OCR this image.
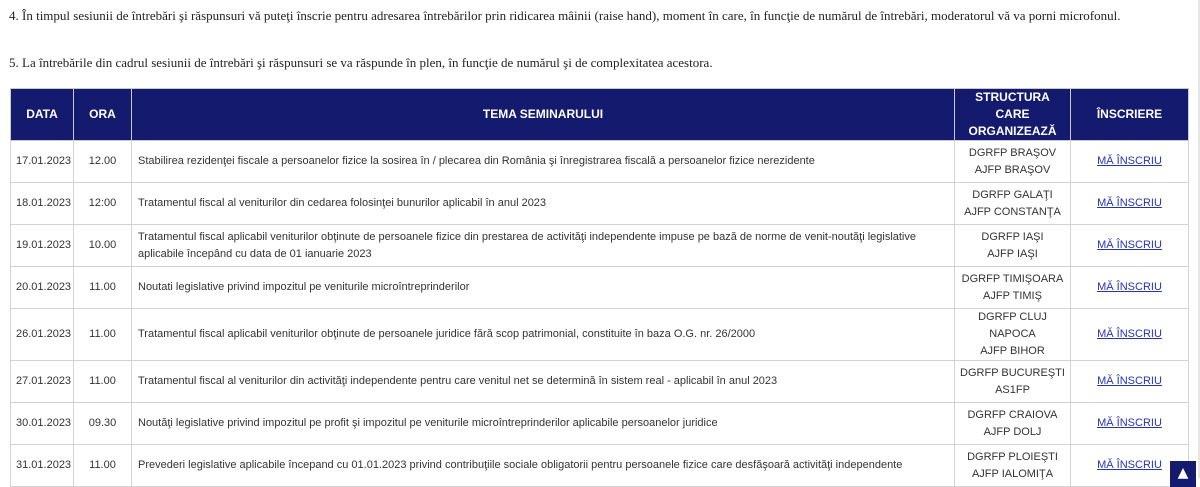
4. În timpul sesiunii de întrebări şi răspunsuri vă puteţi înscrie pentru adresarea întrebărilor prin ridicarea mâinii (raise hand), moment în care, în funcţie de numărul de întrebări, moderatorul vă va porni microfonul.

5. La întrebările din cadrul sesiunii de întrebări şi răspunsuri se va răspunde în plen, în funcţie de numărul şi de complexitatea acestora.

DATA	ORA	TEMA SEMINARULUI	STRUCTURA CARE ORGANIZEAZĂ	ÎNSCRIERE
17.01.2023	12.00	Stabilirea rezidenţei fiscale a persoanelor fizice la sosirea în / plecarea din România şi înregistrarea fiscală a persoanelor fizice nerezidente	DGRFP BRAŞOV
AJFP BRAŞOV	MĂ ÎNSCRIU
18.01.2023	12:00	Tratamentul fiscal al veniturilor din cedarea folosinţei bunurilor aplicabil în anul 2023	DGRFP GALAŢI
AJFP CONSTANŢA	MĂ ÎNSCRIU
19.01.2023	10.00	Tratamentul fiscal aplicabil veniturilor obţinute de persoanele fizice din prestarea de activităţi independente impuse pe bază de norme de venit-noutăţi legislative aplicabile începând cu data de 01 ianuarie 2023	DGRFP IAŞI
AJFP IAŞI	MĂ ÎNSCRIU
20.01.2023	11.00	Noutati legislative privind impozitul pe veniturile microîntreprinderilor	DGRFP TIMIŞOARA
AJFP TIMIŞ	MĂ ÎNSCRIU
26.01.2023	11.00	Tratamentul fiscal aplicabil veniturilor obţinute de persoanele juridice fără scop patrimonial, constituite în baza O.G. nr. 26/2000	DGRFP CLUJ
NAPOCA
AJFP BIHOR	MĂ ÎNSCRIU
27.01.2023	11.00	Tratamentul fiscal al veniturilor din activităţi independente pentru care venitul net se determină în sistem real - aplicabil în anul 2023	DGRFP BUCUREŞTI
AS1FP	MĂ ÎNSCRIU
30.01.2023	09.30	Noutăţi legislative privind impozitul pe profit şi impozitul pe veniturile microîntreprinderilor aplicabile persoanelor juridice	DGRFP CRAIOVA
AJFP DOLJ	MĂ ÎNSCRIU
31.01.2023	11.00	Prevederi legislative aplicabile începand cu 01.01.2023 privind contribuţiile sociale obligatorii pentru persoanele fizice care desfăşoară activităţi independente	DGRFP PLOIEŞTI
AJFP IALOMIŢA	MĂ ÎNSCRIU	▲
